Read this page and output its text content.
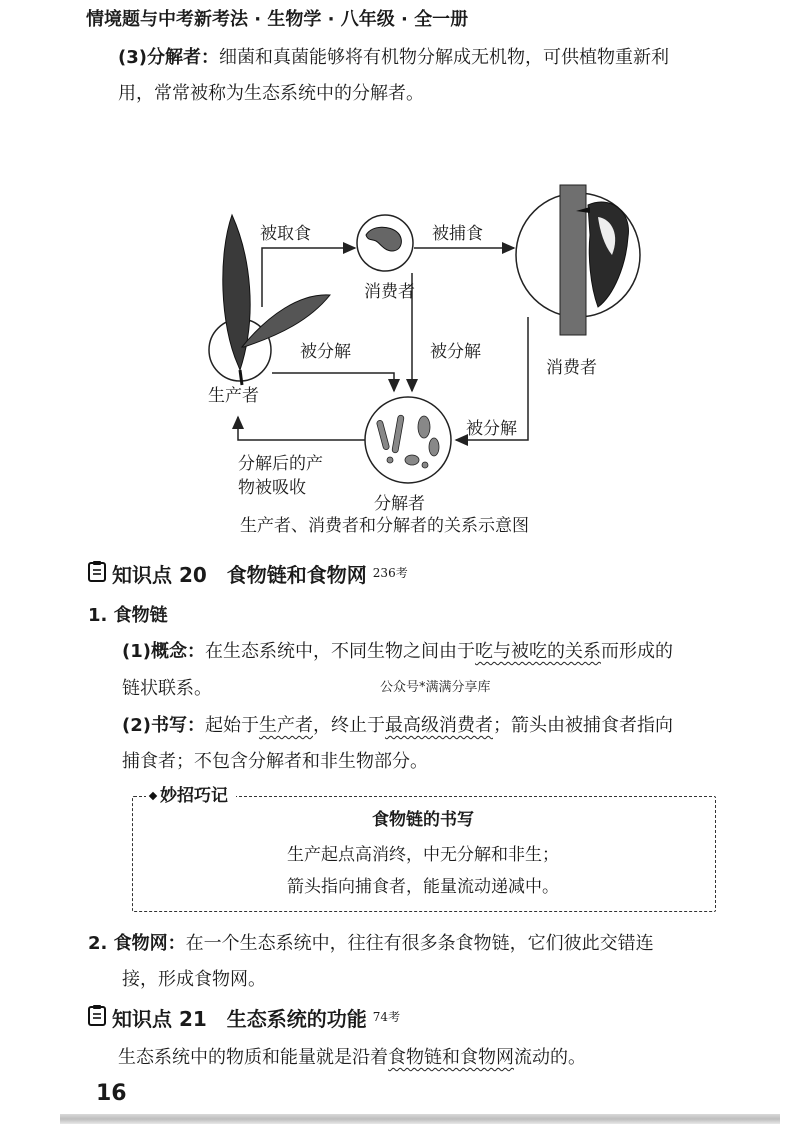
情境题与中考新考法 · 生物学 · 八年级 · 全一册
(3)分解者：细菌和真菌能够将有机物分解成无机物，可供植物重新利
用，常常被称为生态系统中的分解者。
被取食	被捕食
消费者
消费者
被分解	被分解
被分解
生产者
分解后的产
物被吸收
分解者
生产者、消费者和分解者的关系示意图
知识点 20　食物链和食物网 $^{236考}$
1. 食物链
(1)概念：在生态系统中，不同生物之间由于吃与被吃的关系而形成的
链状联系。	公众号*满满分享库
(2)书写：起始于生产者，终止于最高级消费者；箭头由被捕食者指向
捕食者；不包含分解者和非生物部分。
妙招巧记
食物链的书写
生产起点高消终，中无分解和非生；
箭头指向捕食者，能量流动递减中。
2. 食物网：在一个生态系统中，往往有很多条食物链，它们彼此交错连
接，形成食物网。
知识点 21　生态系统的功能 $^{74考}$
生态系统中的物质和能量就是沿着食物链和食物网流动的。
16
